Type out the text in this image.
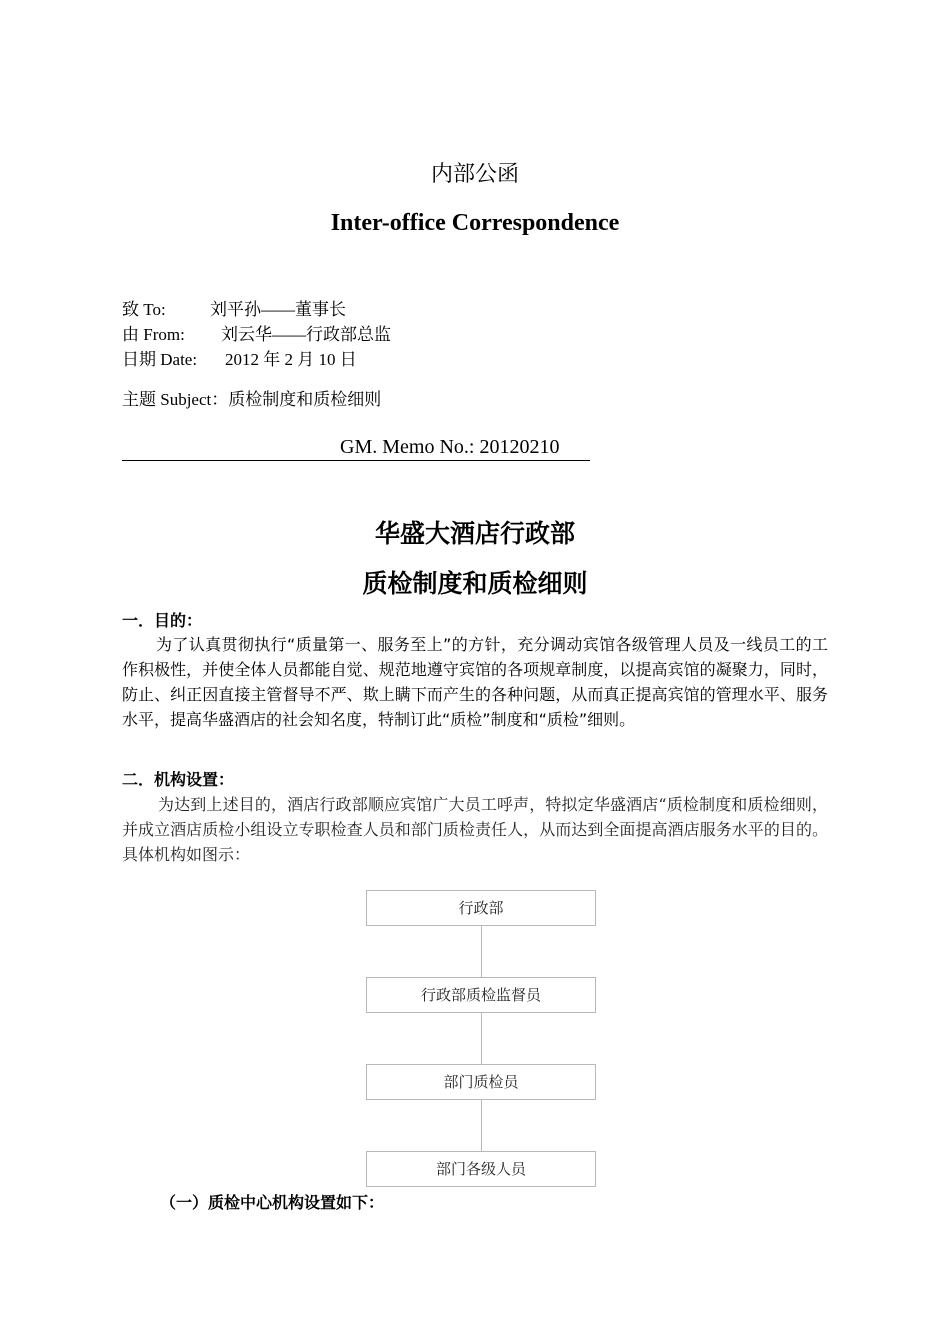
内部公函
Inter-office Correspondence
致 To:	刘平孙——董事长
由 From: 刘云华——行政部总监
日期 Date: 2012 年 2 月 10 日
主题 Subject：质检制度和质检细则
GM. Memo No.: 20120210
华盛大酒店行政部
质检制度和质检细则
一．目的：
为了认真贯彻执行“质量第一、服务至上”的方针，充分调动宾馆各级管理人员及一线员工的工作积极性，并使全体人员都能自觉、规范地遵守宾馆的各项规章制度，以提高宾馆的凝聚力，同时，防止、纠正因直接主管督导不严、欺上瞒下而产生的各种问题，从而真正提高宾馆的管理水平、服务水平，提高华盛酒店的社会知名度，特制订此“质检”制度和“质检”细则。
二．机构设置：
为达到上述目的，酒店行政部顺应宾馆广大员工呼声，特拟定华盛酒店“质检制度和质检细则，并成立酒店质检小组设立专职检查人员和部门质检责任人，从而达到全面提高酒店服务水平的目的。具体机构如图示：
行政部
行政部质检监督员
部门质检员
部门各级人员
（一）质检中心机构设置如下：
